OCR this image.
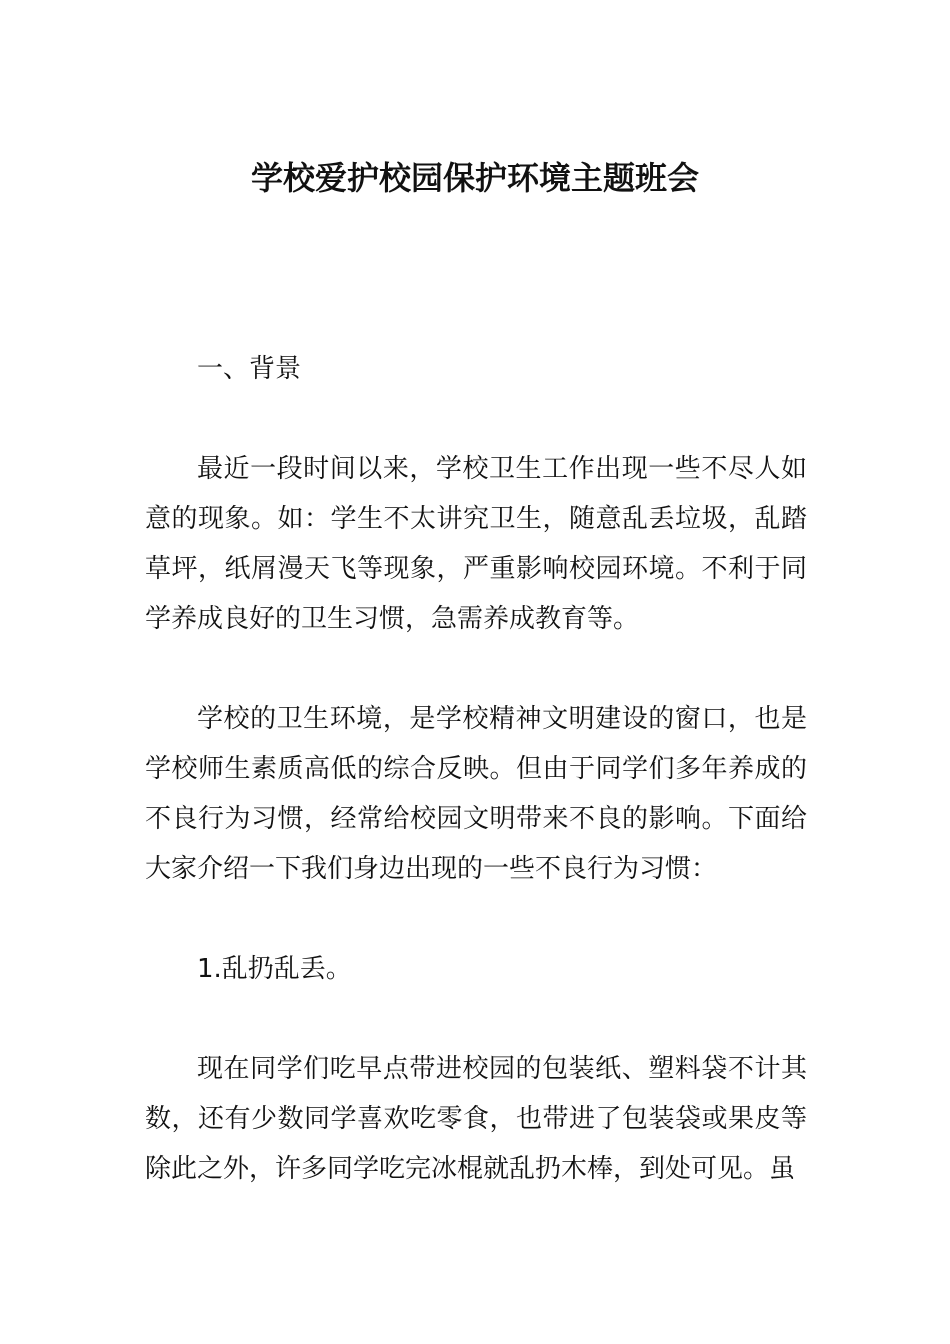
学校爱护校园保护环境主题班会

一、背景

最近一段时间以来，学校卫生工作出现一些不尽人如意的现象。如：学生不太讲究卫生，随意乱丢垃圾，乱踏草坪，纸屑漫天飞等现象，严重影响校园环境。不利于同学养成良好的卫生习惯，急需养成教育等。

学校的卫生环境，是学校精神文明建设的窗口，也是学校师生素质高低的综合反映。但由于同学们多年养成的不良行为习惯，经常给校园文明带来不良的影响。下面给大家介绍一下我们身边出现的一些不良行为习惯：

1.乱扔乱丢。

现在同学们吃早点带进校园的包装纸、塑料袋不计其数，还有少数同学喜欢吃零食，也带进了包装袋或果皮等除此之外，许多同学吃完冰棍就乱扔木棒，到处可见。虽
